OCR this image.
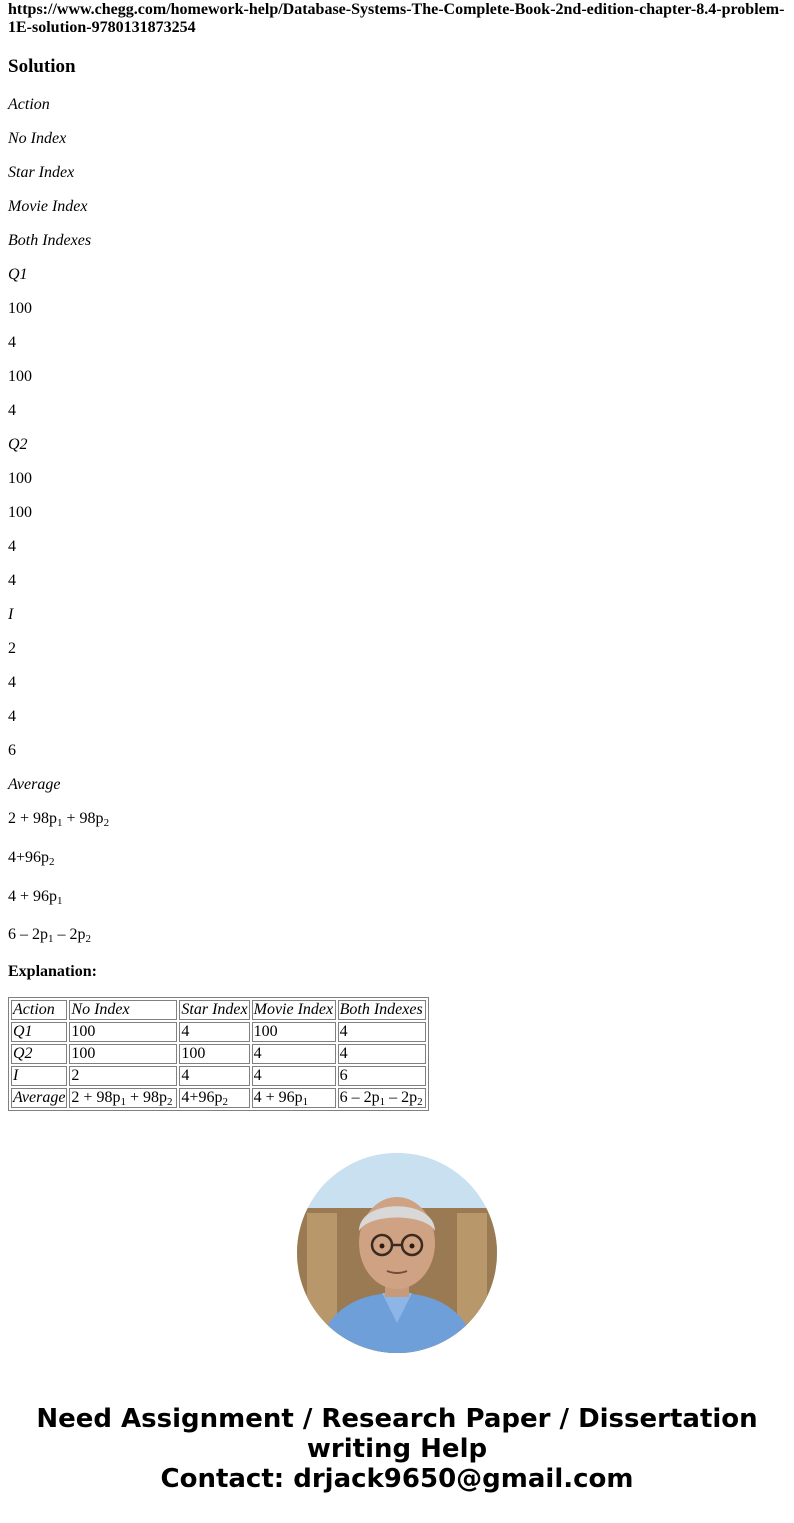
https://www.chegg.com/homework-help/Database-Systems-The-Complete-Book-2nd-edition-chapter-8.4-problem-1E-solution-9780131873254
Solution
Action
No Index
Star Index
Movie Index
Both Indexes
Q1
100
4
100
4
Q2
100
100
4
4
I
2
4
4
6
Average
$2 + 98p_1 + 98p_2$
$4+96p_2$
$4 + 96p_1$
$6 - 2p_1 - 2p_2$
Explanation:
Action	No Index	Star Index	Movie Index	Both Indexes
Q1	100	4	100	4
Q2	100	100	4	4
I	2	4	4	6
Average	$2 + 98p_1 + 98p_2$	$4+96p_2$	$4 + 96p_1$	$6 - 2p_1 - 2p_2$
Need Assignment / Research Paper / Dissertation
writing Help
Contact: drjack9650@gmail.com
